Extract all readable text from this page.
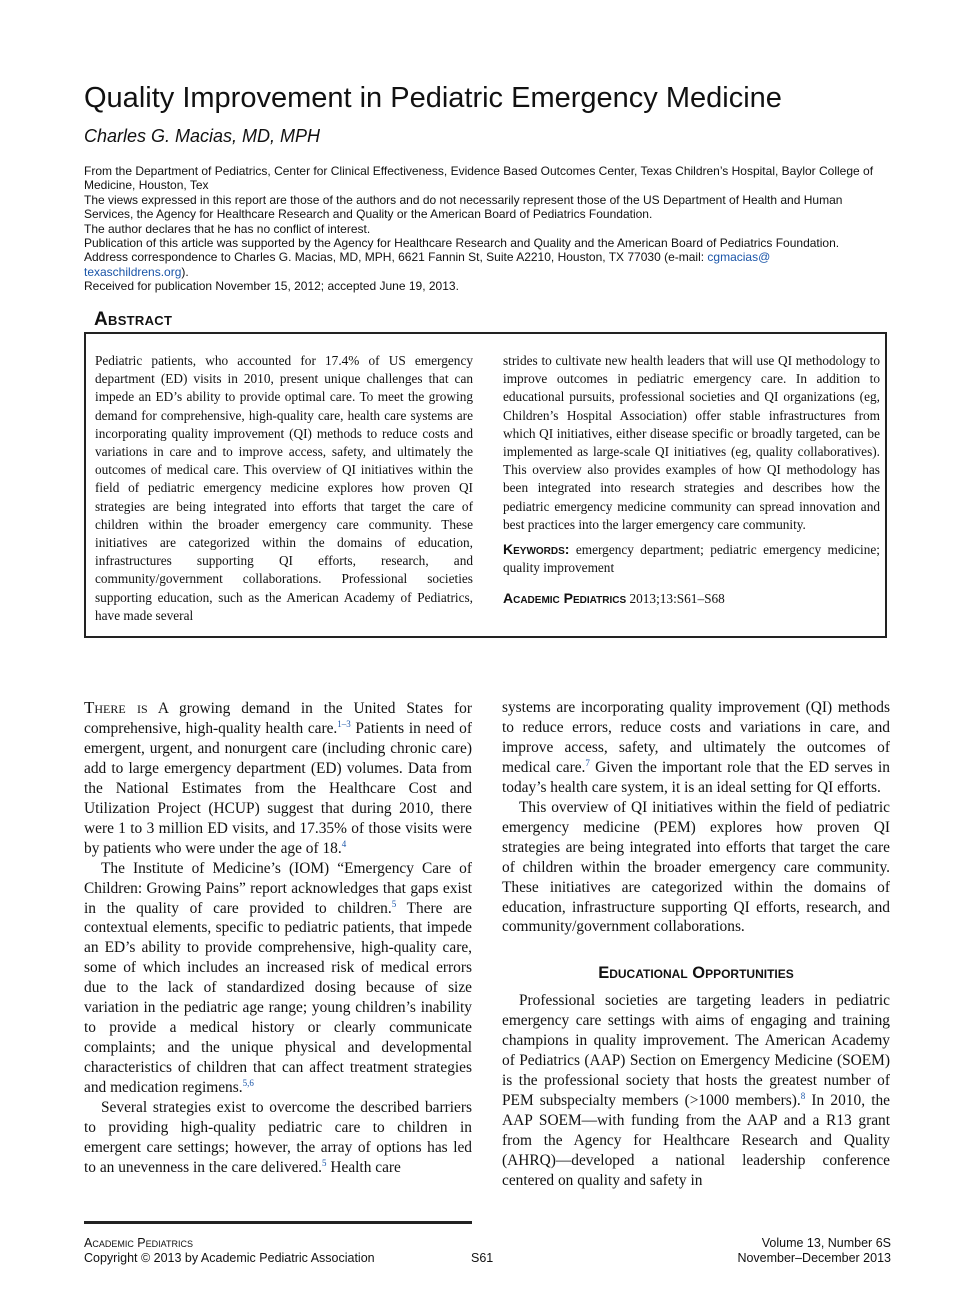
Quality Improvement in Pediatric Emergency Medicine
Charles G. Macias, MD, MPH

From the Department of Pediatrics, Center for Clinical Effectiveness, Evidence Based Outcomes Center, Texas Children’s Hospital, Baylor College of Medicine, Houston, Tex

The views expressed in this report are those of the authors and do not necessarily represent those of the US Department of Health and Human Services, the Agency for Healthcare Research and Quality or the American Board of Pediatrics Foundation.

The author declares that he has no conflict of interest.

Publication of this article was supported by the Agency for Healthcare Research and Quality and the American Board of Pediatrics Foundation.

Address correspondence to Charles G. Macias, MD, MPH, 6621 Fannin St, Suite A2210, Houston, TX 77030 (e-mail: cgmacias@
texaschildrens.org).

Received for publication November 15, 2012; accepted June 19, 2013.

Abstract

Pediatric patients, who accounted for 17.4% of US emergency department (ED) visits in 2010, present unique challenges that can impede an ED’s ability to provide optimal care. To meet the growing demand for comprehensive, high-quality care, health care systems are incorporating quality improvement (QI) methods to reduce costs and variations in care and to improve access, safety, and ultimately the outcomes of medical care. This overview of QI initiatives within the field of pediatric emergency medicine explores how proven QI strategies are being integrated into efforts that target the care of children within the broader emergency care community. These initiatives are categorized within the domains of education, infrastructures supporting QI efforts, research, and community/government collaborations. Professional societies supporting education, such as the American Academy of Pediatrics, have made several

strides to cultivate new health leaders that will use QI methodology to improve outcomes in pediatric emergency care. In addition to educational pursuits, professional societies and QI organizations (eg, Children’s Hospital Association) offer stable infrastructures from which QI initiatives, either disease specific or broadly targeted, can be implemented as large-scale QI initiatives (eg, quality collaboratives). This overview also provides examples of how QI methodology has been integrated into research strategies and describes how the pediatric emergency medicine community can spread innovation and best practices into the larger emergency care community.

Keywords: emergency department; pediatric emergency medicine; quality improvement

Academic Pediatrics 2013;13:S61–S68

There is A growing demand in the United States for comprehensive, high-quality health care.$^{1-3}$ Patients in need of emergent, urgent, and nonurgent care (including chronic care) add to large emergency department (ED) volumes. Data from the National Estimates from the Healthcare Cost and Utilization Project (HCUP) suggest that during 2010, there were 1 to 3 million ED visits, and 17.35% of those visits were by patients who were under the age of 18.$^4$

The Institute of Medicine’s (IOM) “Emergency Care of Children: Growing Pains” report acknowledges that gaps exist in the quality of care provided to children.$^5$ There are contextual elements, specific to pediatric patients, that impede an ED’s ability to provide comprehensive, high-quality care, some of which includes an increased risk of medical errors due to the lack of standardized dosing because of size variation in the pediatric age range; young children’s inability to provide a medical history or clearly communicate complaints; and the unique physical and developmental characteristics of children that can affect treatment strategies and medication regimens.$^{5,6}$

Several strategies exist to overcome the described barriers to providing high-quality pediatric care to children in emergent care settings; however, the array of options has led to an unevenness in the care delivered.$^5$ Health care

systems are incorporating quality improvement (QI) methods to reduce errors, reduce costs and variations in care, and improve access, safety, and ultimately the outcomes of medical care.$^7$ Given the important role that the ED serves in today’s health care system, it is an ideal setting for QI efforts.

This overview of QI initiatives within the field of pediatric emergency medicine (PEM) explores how proven QI strategies are being integrated into efforts that target the care of children within the broader emergency care community. These initiatives are categorized within the domains of education, infrastructure supporting QI efforts, research, and community/government collaborations.

Educational Opportunities

Professional societies are targeting leaders in pediatric emergency care settings with aims of engaging and training champions in quality improvement. The American Academy of Pediatrics (AAP) Section on Emergency Medicine (SOEM) is the professional society that hosts the greatest number of PEM subspecialty members (>1000 members).$^8$ In 2010, the AAP SOEM—with funding from the AAP and a R13 grant from the Agency for Healthcare Research and Quality (AHRQ)—developed a national leadership conference centered on quality and safety in

Academic Pediatrics

Copyright © 2013 by Academic Pediatric Association	S61

Volume 13, Number 6S

November–December 2013
